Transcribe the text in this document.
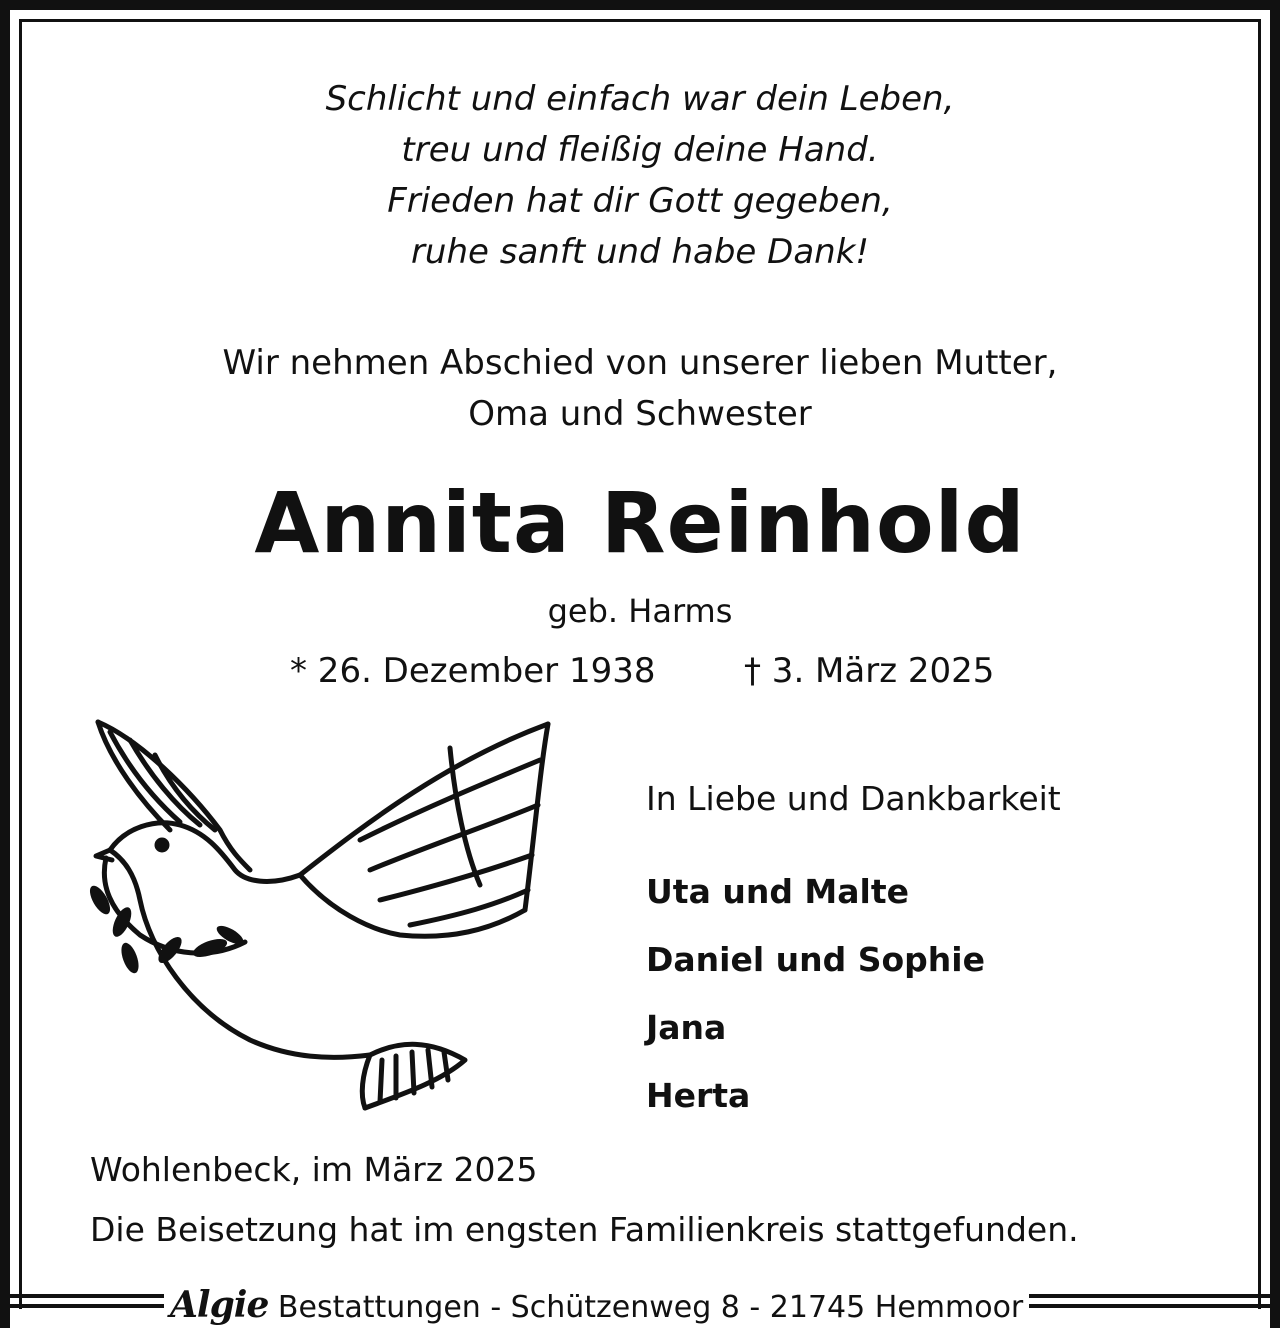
Schlicht und einfach war dein Leben,
treu und fleißig deine Hand.
Frieden hat dir Gott gegeben,
ruhe sanft und habe Dank!
Wir nehmen Abschied von unserer lieben Mutter,
Oma und Schwester
Annita Reinhold
geb. Harms
* 26. Dezember 1938	† 3. März 2025
In Liebe und Dankbarkeit
Uta und Malte
Daniel und Sophie
Jana
Herta
Wohlenbeck, im März 2025
Die Beisetzung hat im engsten Familienkreis stattgefunden.
Algie Bestattungen - Schützenweg 8 - 21745 Hemmoor
